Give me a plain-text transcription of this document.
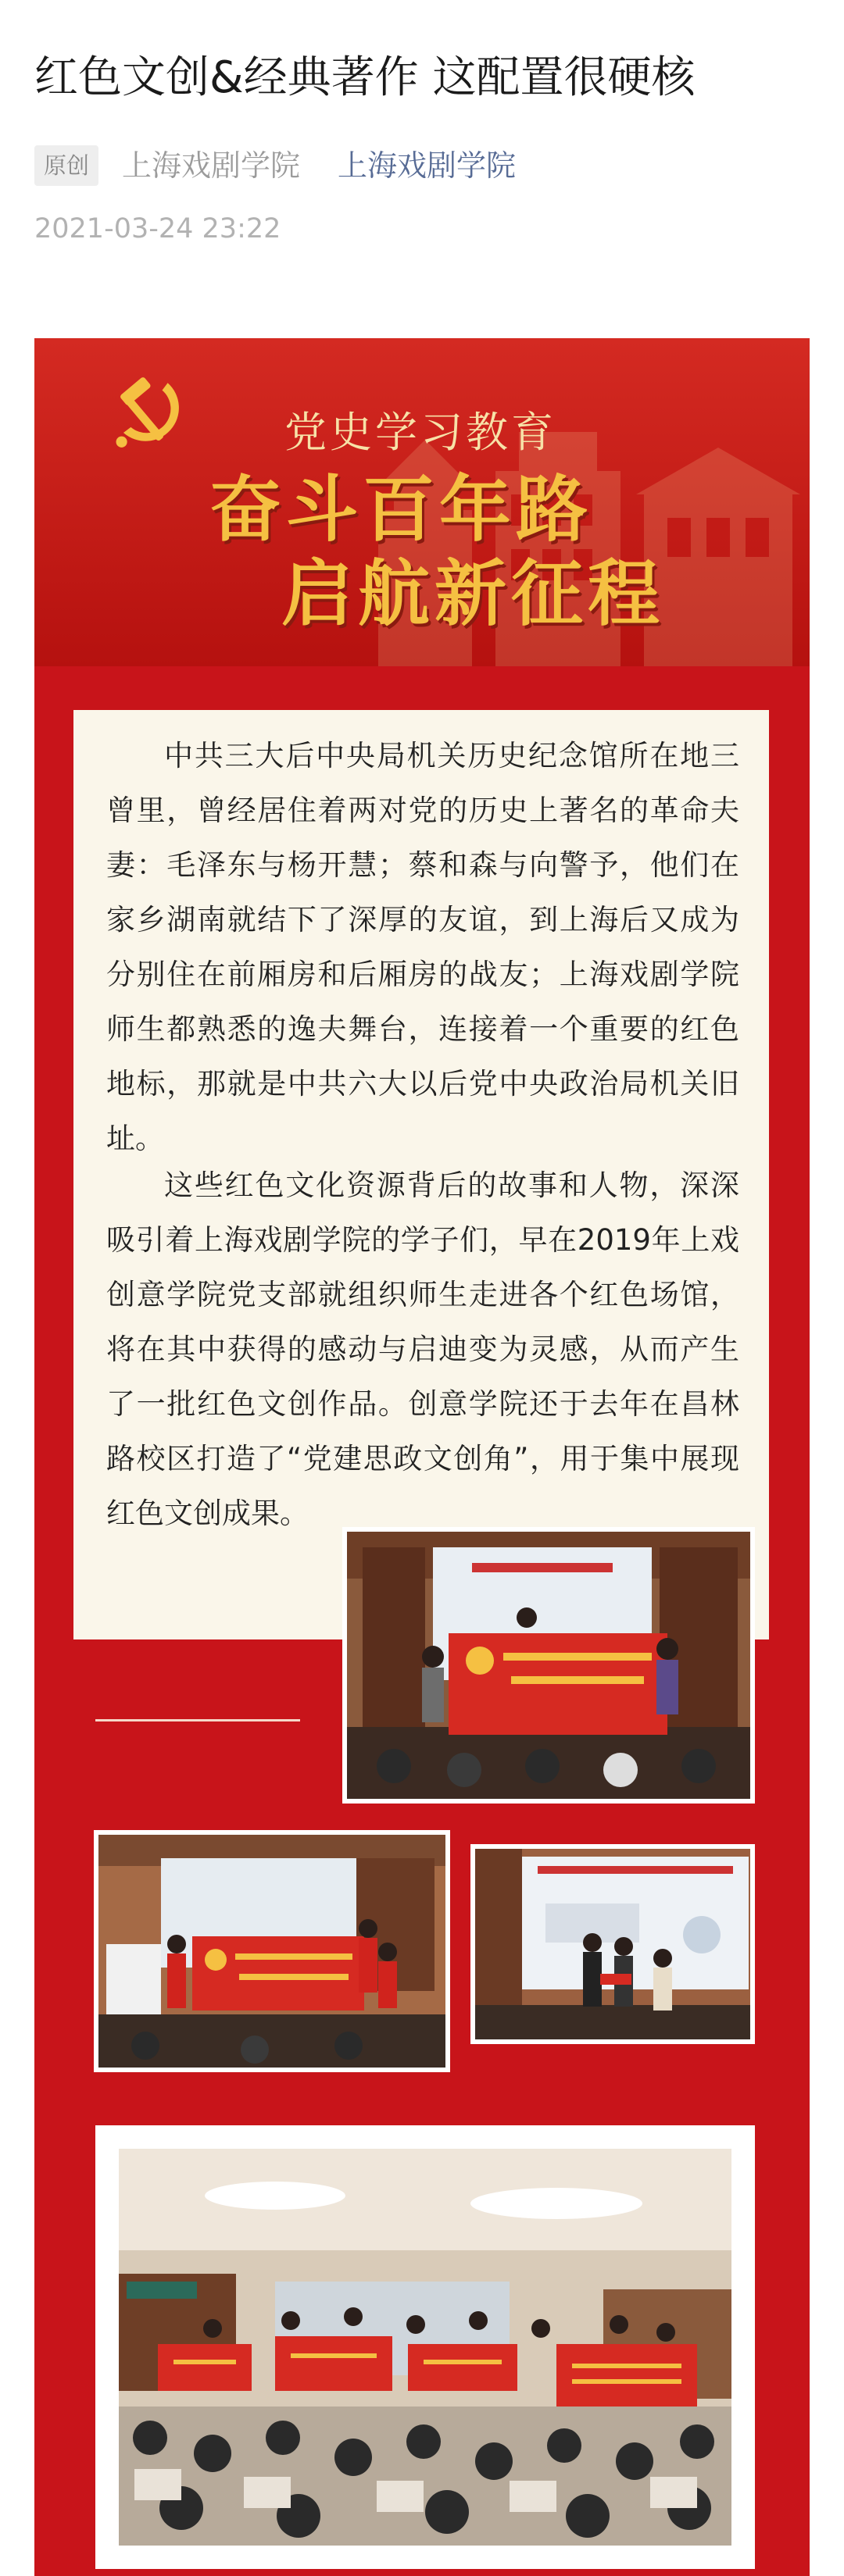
红色文创&经典著作 这配置很硬核
原创	上海戏剧学院 上海戏剧学院
2021-03-24 23:22
党史学习教育
奋斗百年路
启航新征程

中共三大后中央局机关历史纪念馆所在地三曾里，曾经居住着两对党的历史上著名的革命夫妻：毛泽东与杨开慧；蔡和森与向警予，他们在家乡湖南就结下了深厚的友谊，到上海后又成为分别住在前厢房和后厢房的战友；上海戏剧学院师生都熟悉的逸夫舞台，连接着一个重要的红色地标，那就是中共六大以后党中央政治局机关旧址。

这些红色文化资源背后的故事和人物，深深吸引着上海戏剧学院的学子们，早在2019年上戏创意学院党支部就组织师生走进各个红色场馆，将在其中获得的感动与启迪变为灵感，从而产生了一批红色文创作品。创意学院还于去年在昌林路校区打造了“党建思政文创角”，用于集中展现红色文创成果。
